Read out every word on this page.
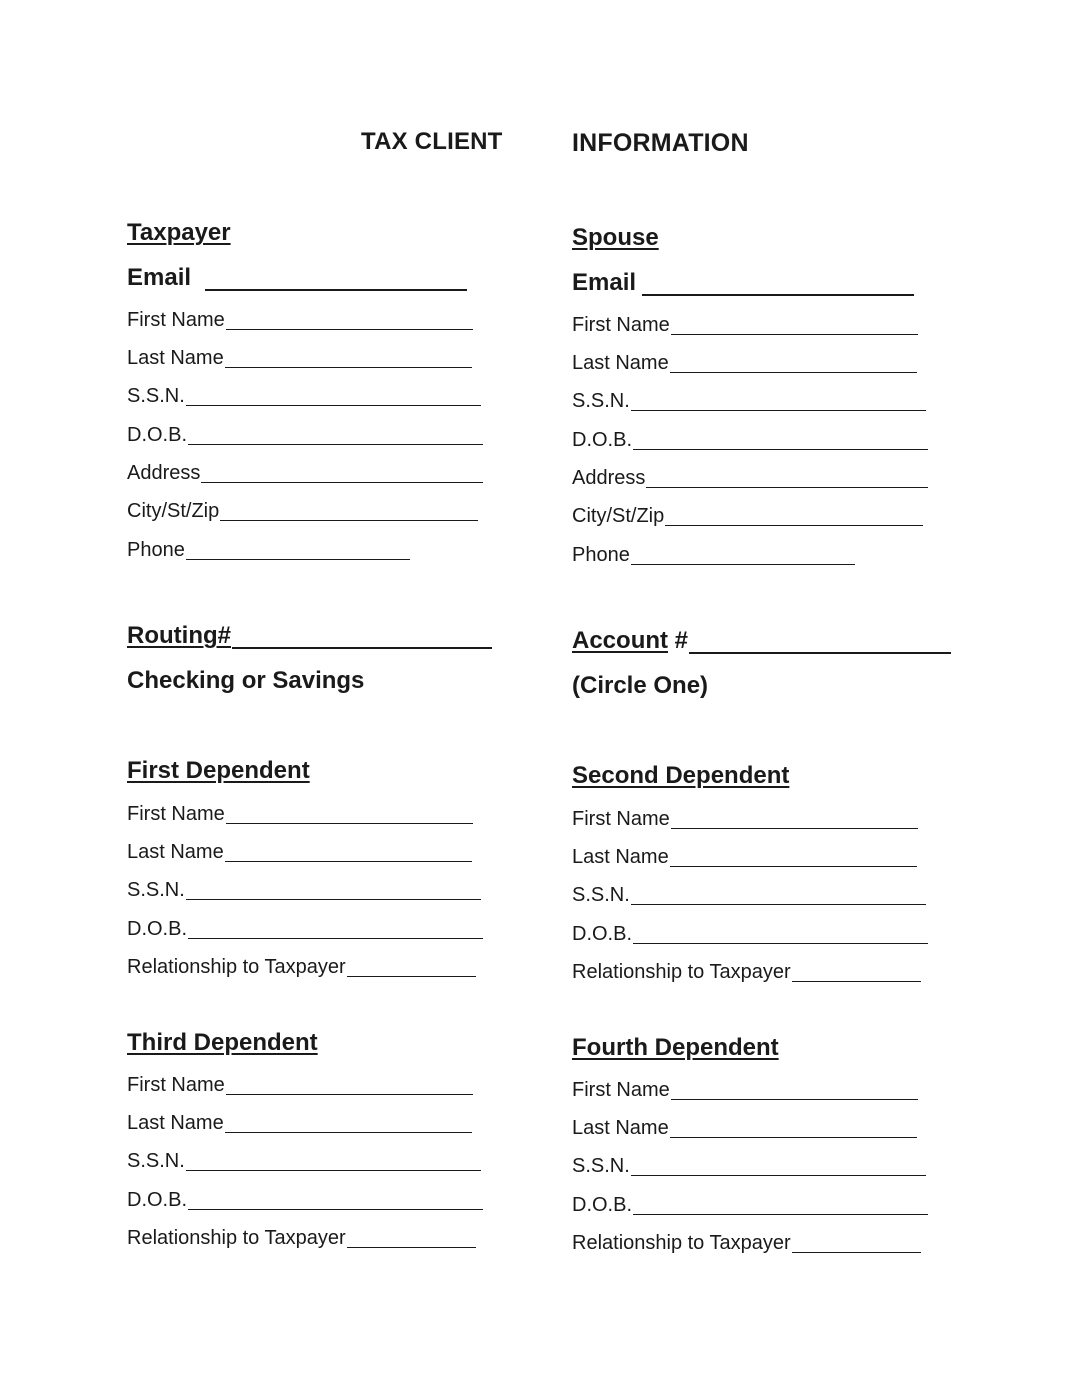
TAX CLIENT	INFORMATION
Taxpayer
Email
First Name
Last Name
S.S.N.
D.O.B.
Address
City/St/Zip
Phone
Spouse
Email
First Name
Last Name
S.S.N.
D.O.B.
Address
City/St/Zip
Phone
Routing#
Checking or Savings
Account #
(Circle One)
First Dependent
First Name
Last Name
S.S.N.
D.O.B.
Relationship to Taxpayer
Second Dependent
First Name
Last Name
S.S.N.
D.O.B.
Relationship to Taxpayer
Third Dependent
First Name
Last Name
S.S.N.
D.O.B.
Relationship to Taxpayer
Fourth Dependent
First Name
Last Name
S.S.N.
D.O.B.
Relationship to Taxpayer
